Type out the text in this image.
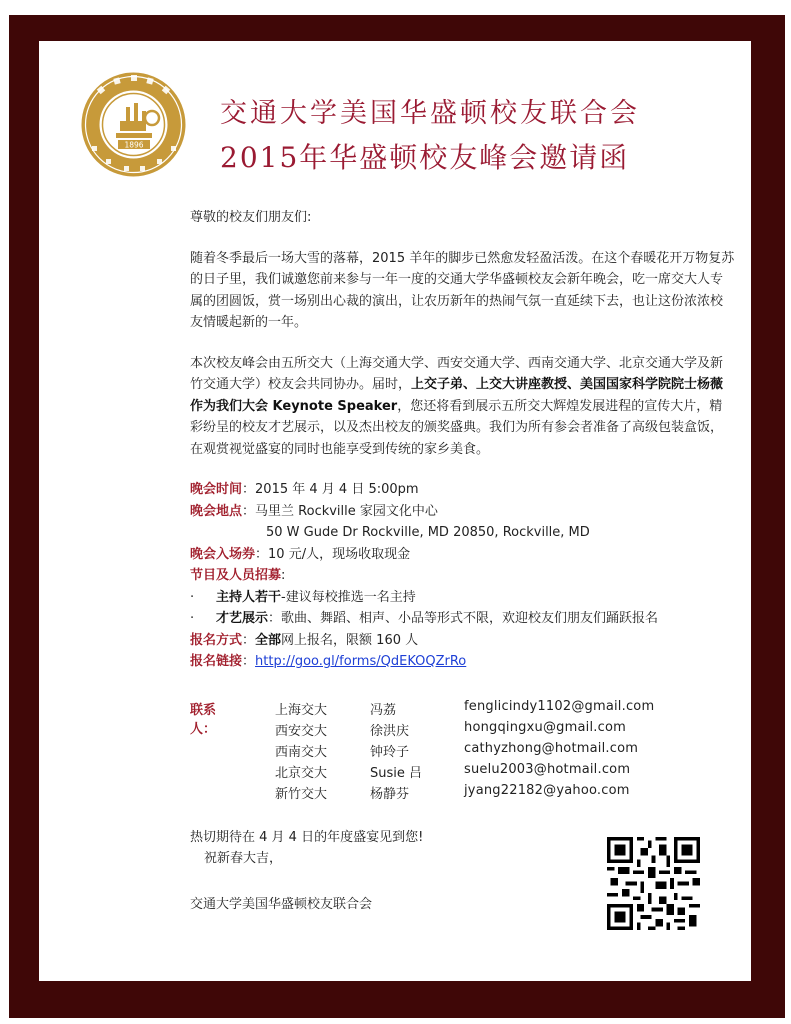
1896
交通大学美国华盛顿校友联合会
2015年华盛顿校友峰会邀请函

尊敬的校友们朋友们:

随着冬季最后一场大雪的落幕，2015 羊年的脚步已然愈发轻盈活泼。在这个春暖花开万物复苏的日子里，我们诚邀您前来参与一年一度的交通大学华盛顿校友会新年晚会，吃一席交大人专属的团圆饭，赏一场别出心裁的演出，让农历新年的热闹气氛一直延续下去，也让这份浓浓校友情暖起新的一年。

本次校友峰会由五所交大（上海交通大学、西安交通大学、西南交通大学、北京交通大学及新竹交通大学）校友会共同协办。届时，上交子弟、上交大讲座教授、美国国家科学院院士杨薇作为我们大会 Keynote Speaker，您还将看到展示五所交大辉煌发展进程的宣传大片，精彩纷呈的校友才艺展示，以及杰出校友的颁奖盛典。我们为所有参会者准备了高级包装盒饭，在观赏视觉盛宴的同时也能享受到传统的家乡美食。

晚会时间：2015 年 4 月 4 日 5:00pm
晚会地点：马里兰 Rockville 家园文化中心
50 W Gude Dr Rockville, MD 20850, Rockville, MD
晚会入场券：10 元/人，现场收取现金
节目及人员招募:
· 主持人若干-建议每校推选一名主持
· 才艺展示：歌曲、舞蹈、相声、小品等形式不限，欢迎校友们朋友们踊跃报名
报名方式：全部网上报名，限额 160 人
报名链接：http://goo.gl/forms/QdEKOQZrRo
联系人：
上海交大	冯荔	fenglicindy1102@gmail.com
西安交大	徐洪庆	hongqingxu@gmail.com
西南交大	钟玲子	cathyzhong@hotmail.com
北京交大	Susie 吕	suelu2003@hotmail.com
新竹交大	杨静芬	jyang22182@yahoo.com
热切期待在 4 月 4 日的年度盛宴见到您!
祝新春大吉，
交通大学美国华盛顿校友联合会
